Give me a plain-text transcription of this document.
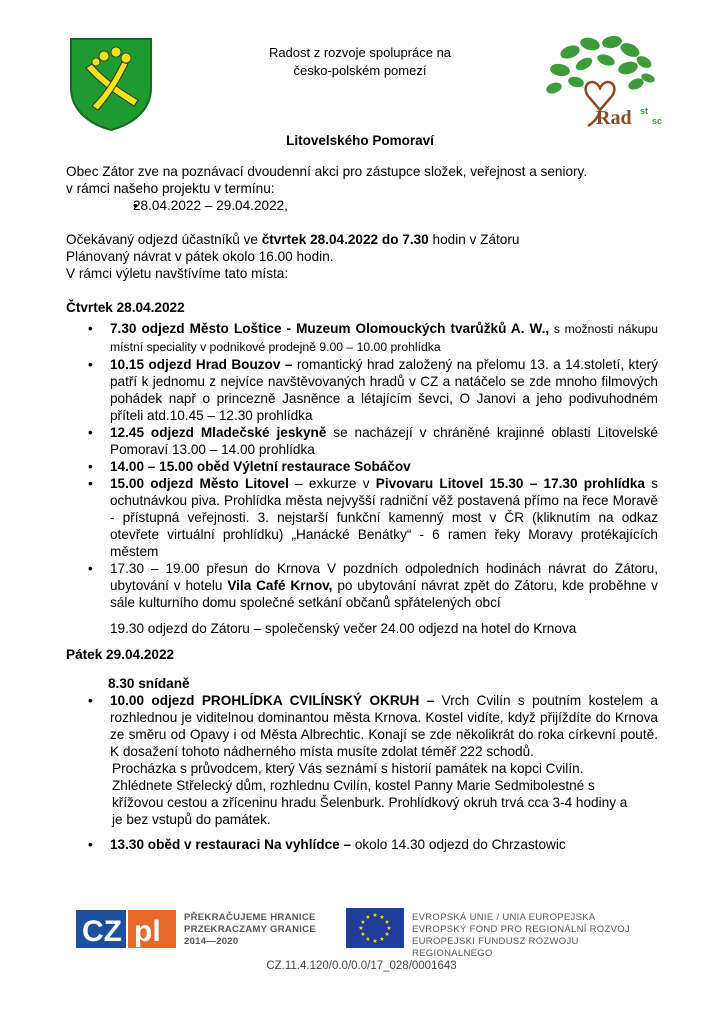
Radost z rozvoje spolupráce na
česko-polském pomezí
Rad st
sc
Litovelského Pomoraví

Obec Zátor zve na poznávací dvoudenní akci pro zástupce složek, veřejnost a seniory.

v rámci našeho projektu v termínu:

• 28.04.2022 – 29.04.2022,

Očekávaný odjezd účastníků ve čtvrtek 28.04.2022 do 7.30 hodin v Zátoru

Plánovaný návrat v pátek okolo 16.00 hodin.

V rámci výletu navštívíme tato místa:

Čtvrtek 28.04.2022

• 7.30 odjezd Město Loštice - Muzeum Olomouckých tvarůžků A. W., s možnosti nákupu místní speciality v podnikové prodejně 9.00 – 10.00 prohlídka
• 10.15 odjezd Hrad Bouzov – romantický hrad založený na přelomu 13. a 14.století, který patří k jednomu z nejvíce navštěvovaných hradů v CZ a natáčelo se zde mnoho filmových pohádek např o princezně Jasněnce a létajícím ševci, O Janovi a jeho podivuhodném příteli atd.10.45 – 12.30 prohlídka
• 12.45 odjezd Mladečské jeskyně se nacházejí v chráněné krajinné oblasti Litovelské Pomoraví 13.00 – 14.00 prohlídka
• 14.00 – 15.00 oběd Výletní restaurace Sobáčov
• 15.00 odjezd Město Litovel – exkurze v Pivovaru Litovel 15.30 – 17.30 prohlídka s ochutnávkou piva. Prohlídka města nejvyšší radniční věž postavená přímo na řece Moravě - přístupná veřejnosti. 3. nejstarší funkční kamenný most v ČR (kliknutím na odkaz otevřete virtuální prohlídku) „Hanácké Benátky“ - 6 ramen řeky Moravy protékajících městem
• 17.30 – 19.00 přesun do Krnova V pozdních odpoledních hodinách návrat do Zátoru, ubytování v hotelu Vila Café Krnov, po ubytování návrat zpět do Zátoru, kde proběhne v sále kulturního domu společné setkání občanů spřátelených obcí

19.30 odjezd do Zátoru – společenský večer 24.00 odjezd na hotel do Krnova

Pátek 29.04.2022

8.30 snídaně

• 10.00 odjezd PROHLÍDKA CVILÍNSKÝ OKRUH – Vrch Cvilín s poutním kostelem a rozhlednou je viditelnou dominantou města Krnova. Kostel vidíte, když přijíždíte do Krnova ze směru od Opavy i od Města Albrechtic. Konají se zde několikrát do roka církevní poutě. K dosažení tohoto nádherného místa musíte zdolat téměř 222 schodů.

Procházka s průvodcem, který Vás seznámí s historií památek na kopci Cvilín. Zhlédnete Střelecký dům, rozhlednu Cvilín, kostel Panny Marie Sedmibolestné s křížovou cestou a zříceninu hradu Šelenburk. Prohlídkový okruh trvá cca 3-4 hodiny a je bez vstupů do památek.

• 13.30 oběd v restauraci Na vyhlídce – okolo 14.30 odjezd do Chrzastowic
CZ pl PŘEKRAČUJEME HRANICE
PRZEKRACZAMY GRANICE
2014—2020
★ ★
★
★
★
★
★
★
★
★
★
★	EVROPSKÁ UNIE / UNIA EUROPEJSKA
EVROPSKÝ FOND PRO REGIONÁLNÍ ROZVOJ
EUROPEJSKI FUNDUSZ ROZWOJU REGIONALNEGO
CZ.11.4.120/0.0/0.0/17_028/0001643
